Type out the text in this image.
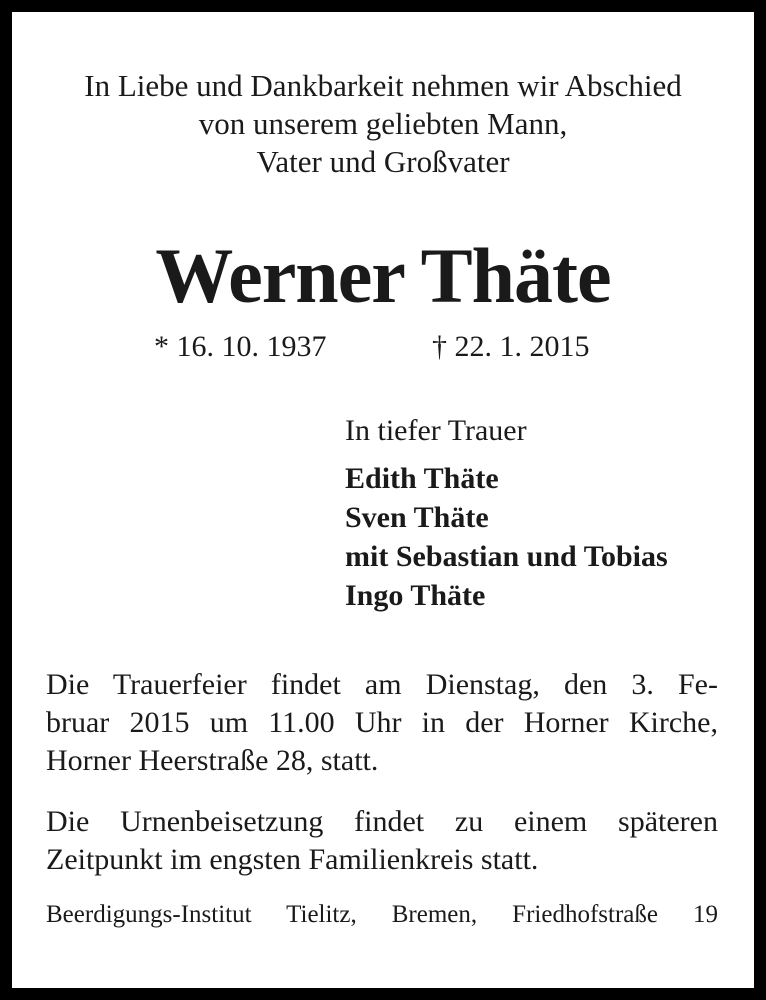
In Liebe und Dankbarkeit nehmen wir Abschied
von unserem geliebten Mann,
Vater und Großvater
Werner Thäte
* 16. 10. 1937	† 22. 1. 2015
In tiefer Trauer
Edith Thäte
Sven Thäte
mit Sebastian und Tobias
Ingo Thäte
Die Trauerfeier findet am Dienstag, den 3. Fe-
bruar 2015 um 11.00 Uhr in der Horner Kirche,
Horner Heerstraße 28, statt.
Die Urnenbeisetzung findet zu einem späteren
Zeitpunkt im engsten Familienkreis statt.
Beerdigungs-Institut Tielitz, Bremen, Friedhofstraße 19
